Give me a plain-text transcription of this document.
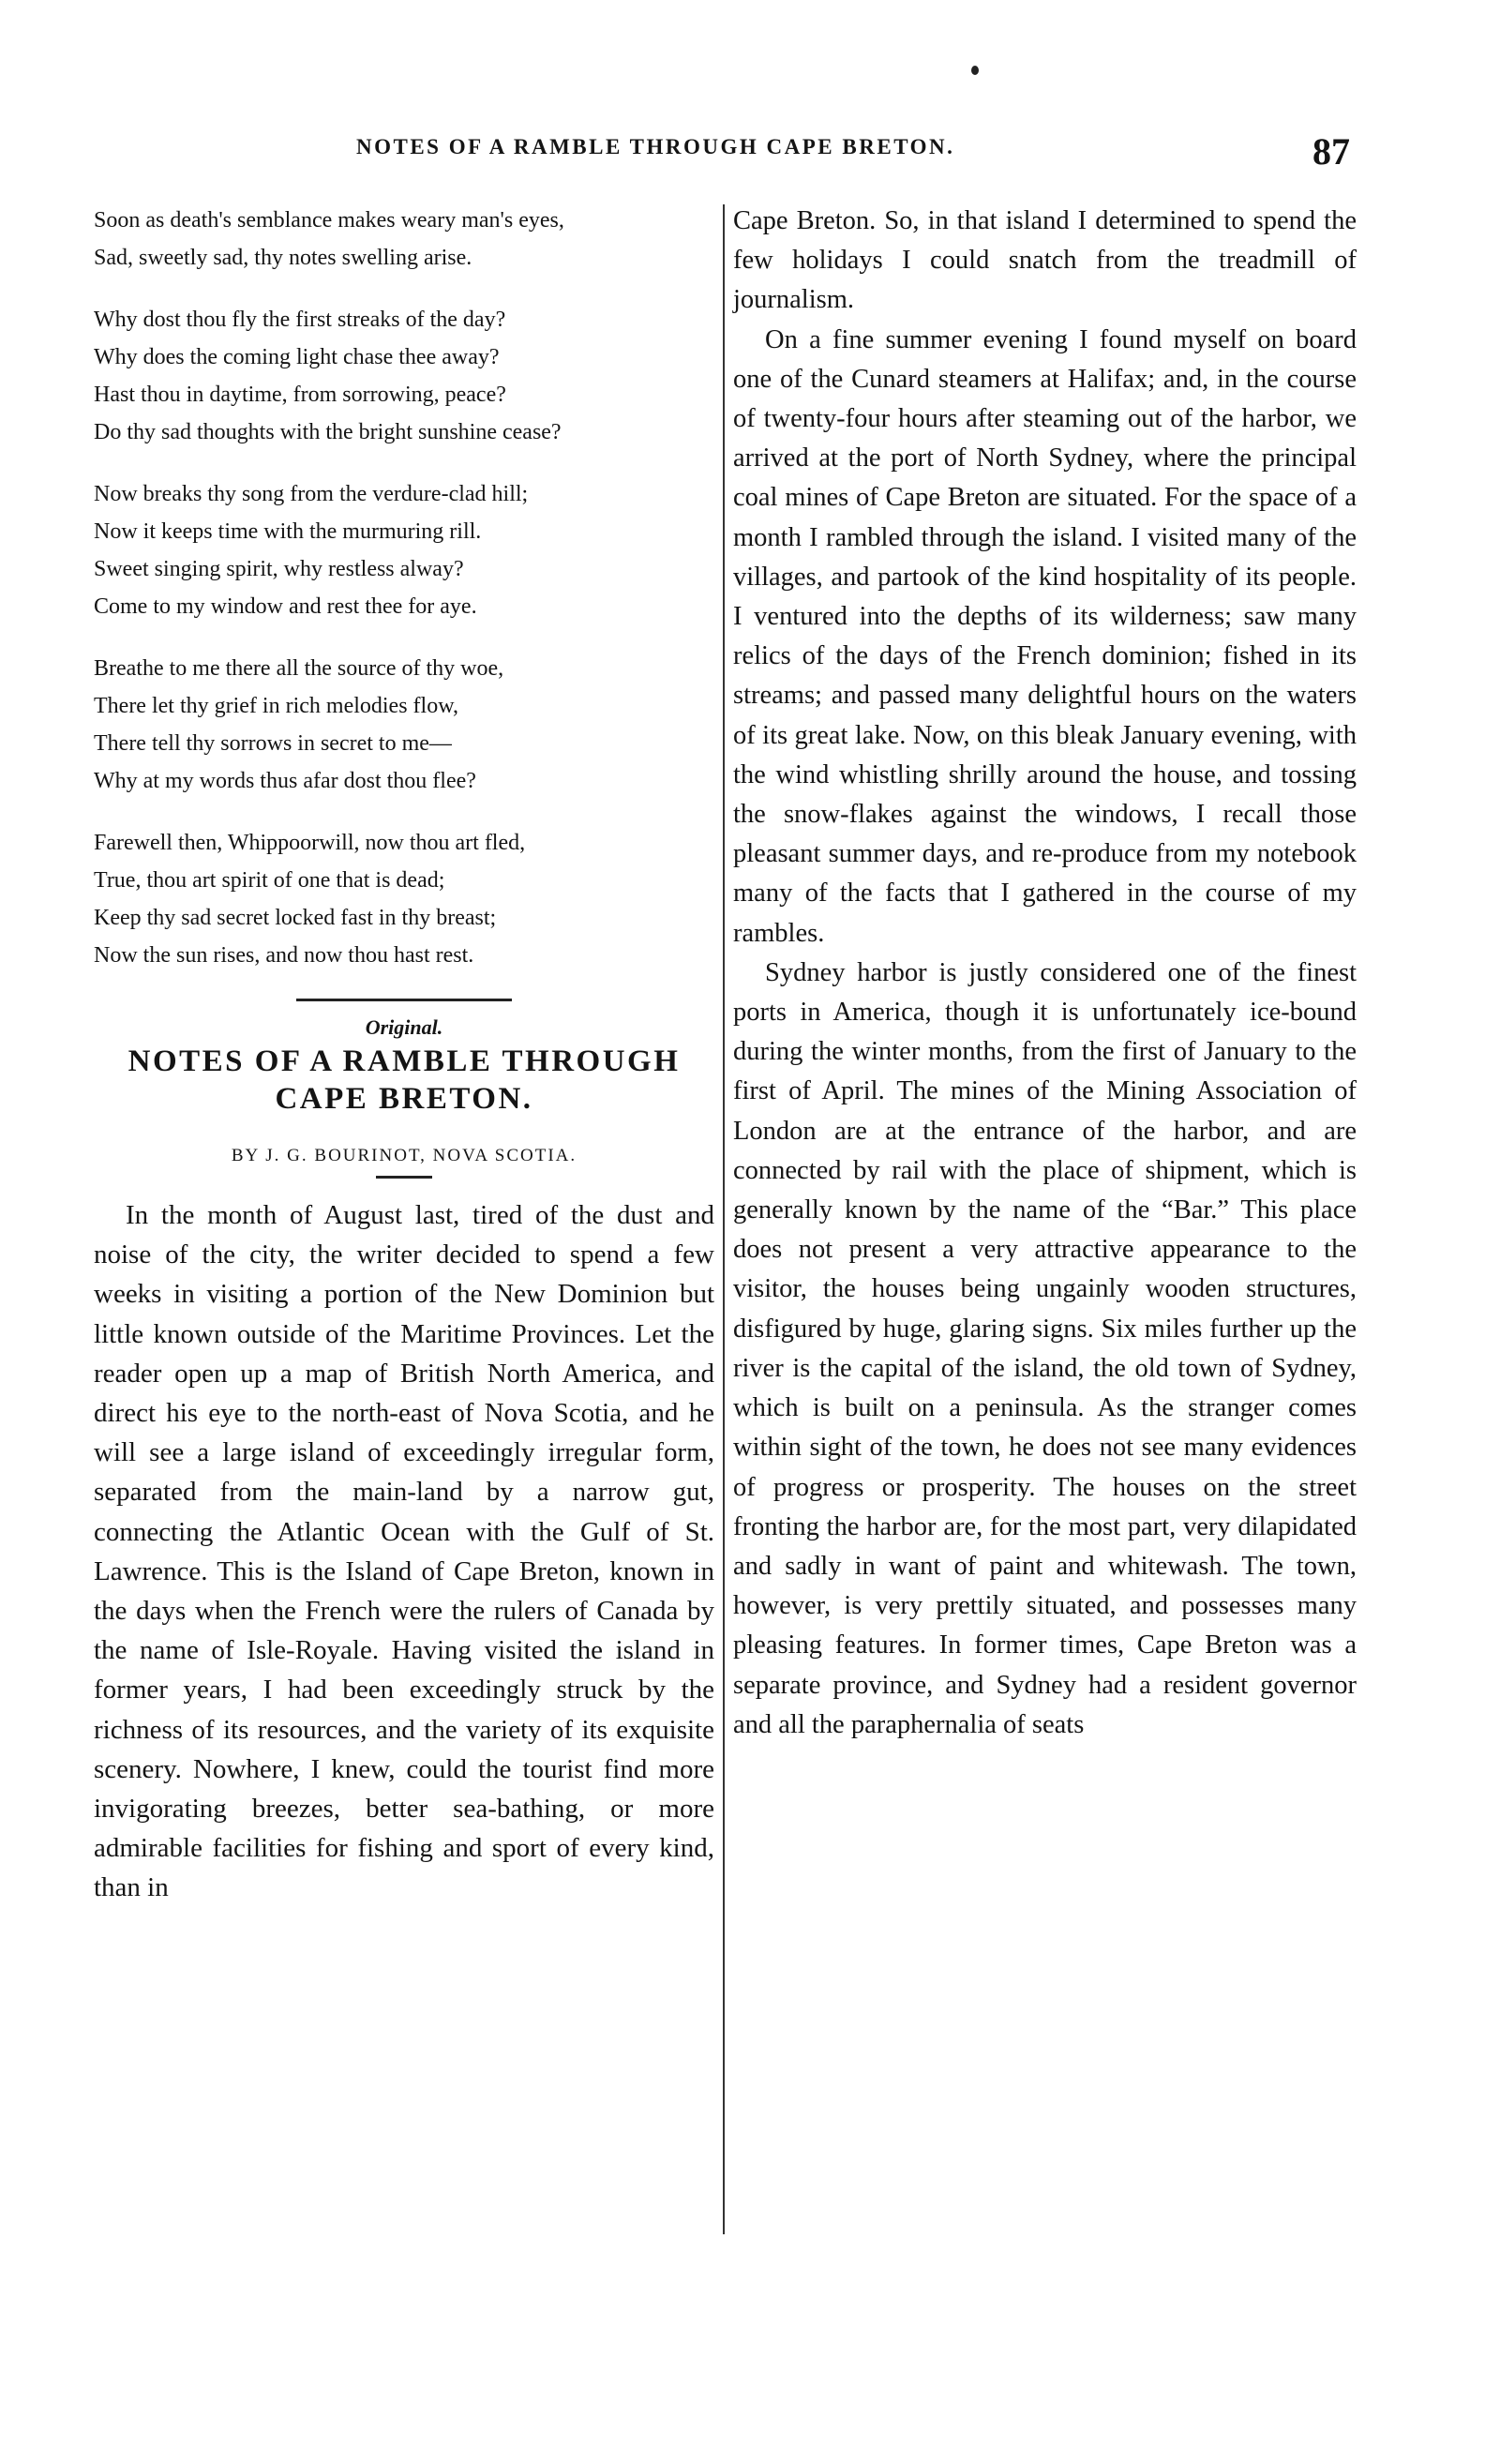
NOTES OF A RAMBLE THROUGH CAPE BRETON.	87
Soon as death's semblance makes weary man's eyes,
Sad, sweetly sad, thy notes swelling arise.
Why dost thou fly the first streaks of the day?
Why does the coming light chase thee away?
Hast thou in daytime, from sorrowing, peace?
Do thy sad thoughts with the bright sunshine cease?
Now breaks thy song from the verdure-clad hill;
Now it keeps time with the murmuring rill.
Sweet singing spirit, why restless alway?
Come to my window and rest thee for aye.
Breathe to me there all the source of thy woe,
There let thy grief in rich melodies flow,
There tell thy sorrows in secret to me—
Why at my words thus afar dost thou flee?
Farewell then, Whippoorwill, now thou art fled,
True, thou art spirit of one that is dead;
Keep thy sad secret locked fast in thy breast;
Now the sun rises, and now thou hast rest.
Original.
NOTES OF A RAMBLE THROUGH CAPE BRETON.
BY J. G. BOURINOT, NOVA SCOTIA.

In the month of August last, tired of the dust and noise of the city, the writer decided to spend a few weeks in visiting a portion of the New Dominion but little known outside of the Maritime Provinces. Let the reader open up a map of British North America, and direct his eye to the north-east of Nova Scotia, and he will see a large island of exceedingly irregular form, separated from the main-land by a narrow gut, connecting the Atlantic Ocean with the Gulf of St. Lawrence. This is the Island of Cape Breton, known in the days when the French were the rulers of Canada by the name of Isle-Royale. Having visited the island in former years, I had been exceedingly struck by the richness of its resources, and the variety of its exquisite scenery. Nowhere, I knew, could the tourist find more invigorating breezes, better sea-bathing, or more admirable facilities for fishing and sport of every kind, than in

Cape Breton. So, in that island I determined to spend the few holidays I could snatch from the treadmill of journalism.

On a fine summer evening I found myself on board one of the Cunard steamers at Halifax; and, in the course of twenty-four hours after steaming out of the harbor, we arrived at the port of North Sydney, where the principal coal mines of Cape Breton are situated. For the space of a month I rambled through the island. I visited many of the villages, and partook of the kind hospitality of its people. I ventured into the depths of its wilderness; saw many relics of the days of the French dominion; fished in its streams; and passed many delightful hours on the waters of its great lake. Now, on this bleak January evening, with the wind whistling shrilly around the house, and tossing the snow-flakes against the windows, I recall those pleasant summer days, and re-produce from my notebook many of the facts that I gathered in the course of my rambles.

Sydney harbor is justly considered one of the finest ports in America, though it is unfortunately ice-bound during the winter months, from the first of January to the first of April. The mines of the Mining Association of London are at the entrance of the harbor, and are connected by rail with the place of shipment, which is generally known by the name of the “Bar.” This place does not present a very attractive appearance to the visitor, the houses being ungainly wooden structures, disfigured by huge, glaring signs. Six miles further up the river is the capital of the island, the old town of Sydney, which is built on a peninsula. As the stranger comes within sight of the town, he does not see many evidences of progress or prosperity. The houses on the street fronting the harbor are, for the most part, very dilapidated and sadly in want of paint and whitewash. The town, however, is very prettily situated, and possesses many pleasing features. In former times, Cape Breton was a separate province, and Sydney had a resident governor and all the paraphernalia of seats
